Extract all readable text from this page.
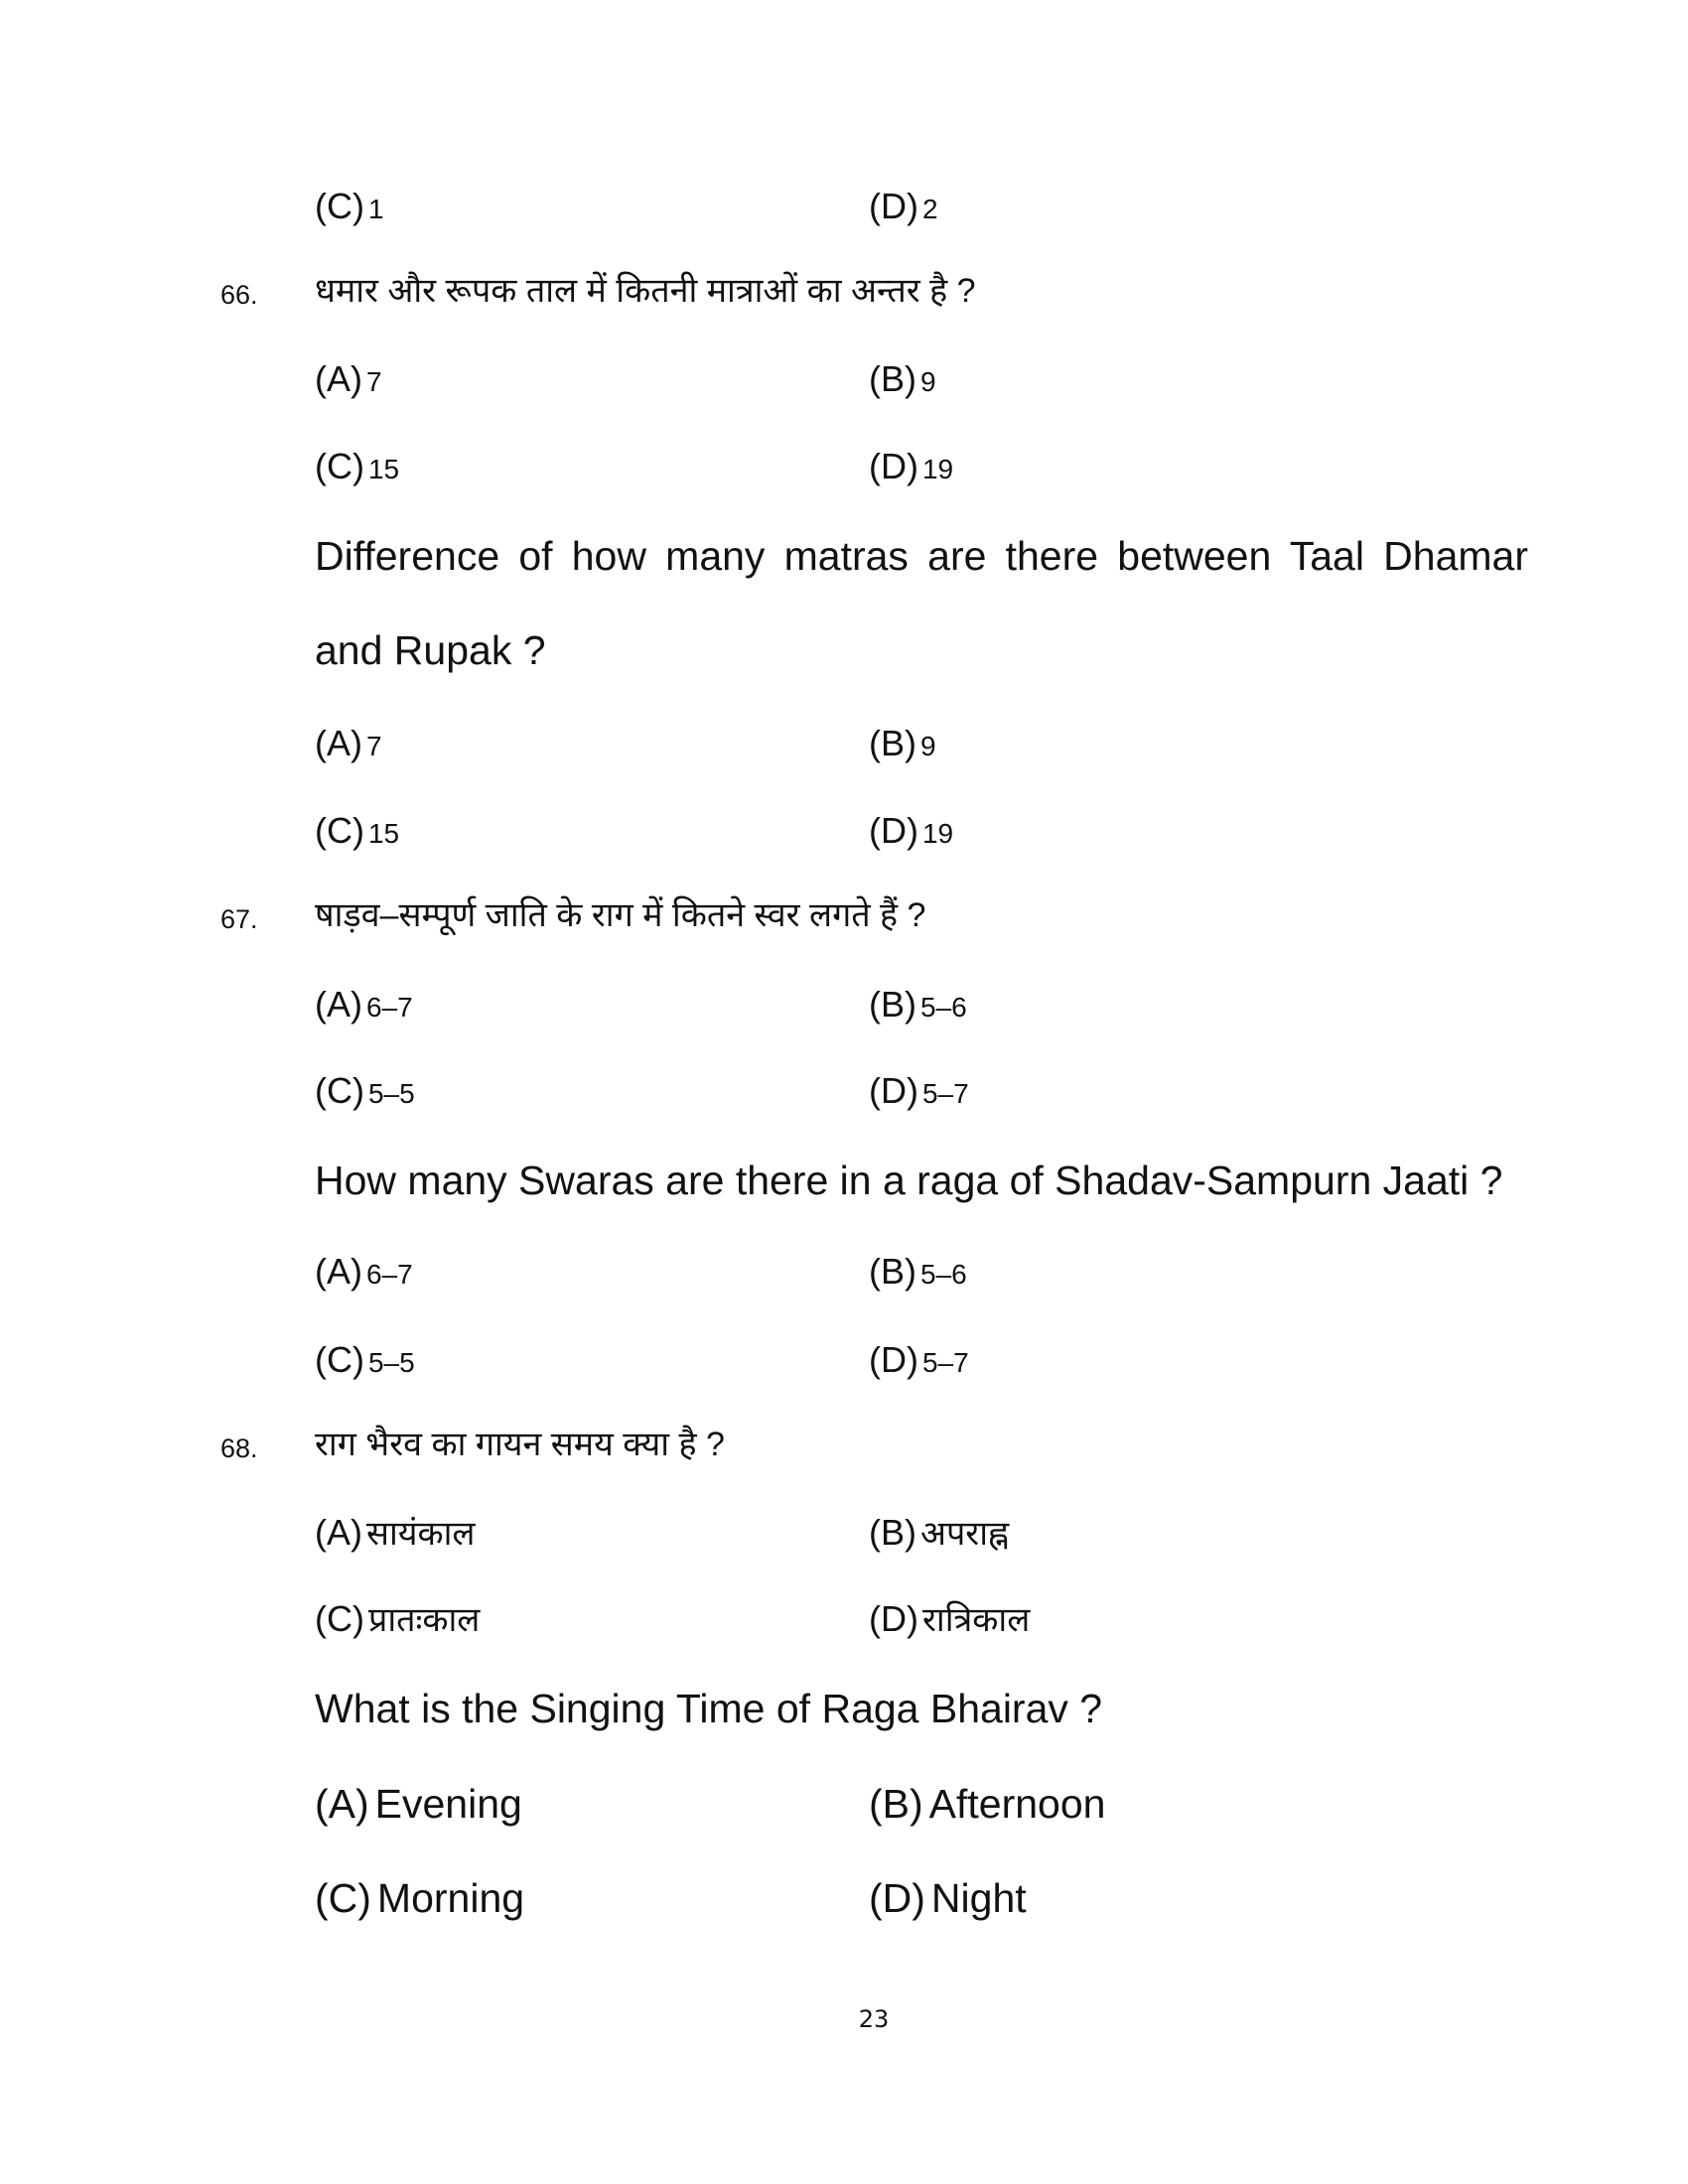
(C) 1	(D) 2
66. धमार और रूपक ताल में कितनी मात्राओं का अन्तर है ?
(A) 7	(B) 9
(C) 15	(D) 19
Difference of how many matras are there between Taal Dhamar
and Rupak ?
(A) 7	(B) 9
(C) 15	(D) 19
67. षाड़व–सम्पूर्ण जाति के राग में कितने स्वर लगते हैं ?
(A) 6–7	(B) 5–6
(C) 5–5	(D) 5–7
How many Swaras are there in a raga of Shadav-Sampurn Jaati ?
(A) 6–7	(B) 5–6
(C) 5–5	(D) 5–7
68. राग भैरव का गायन समय क्या है ?
(A) सायंकाल	(B) अपराह्न
(C) प्रातःकाल	(D) रात्रिकाल
What is the Singing Time of Raga Bhairav ?
(A) Evening	(B) Afternoon
(C) Morning	(D) Night
23
